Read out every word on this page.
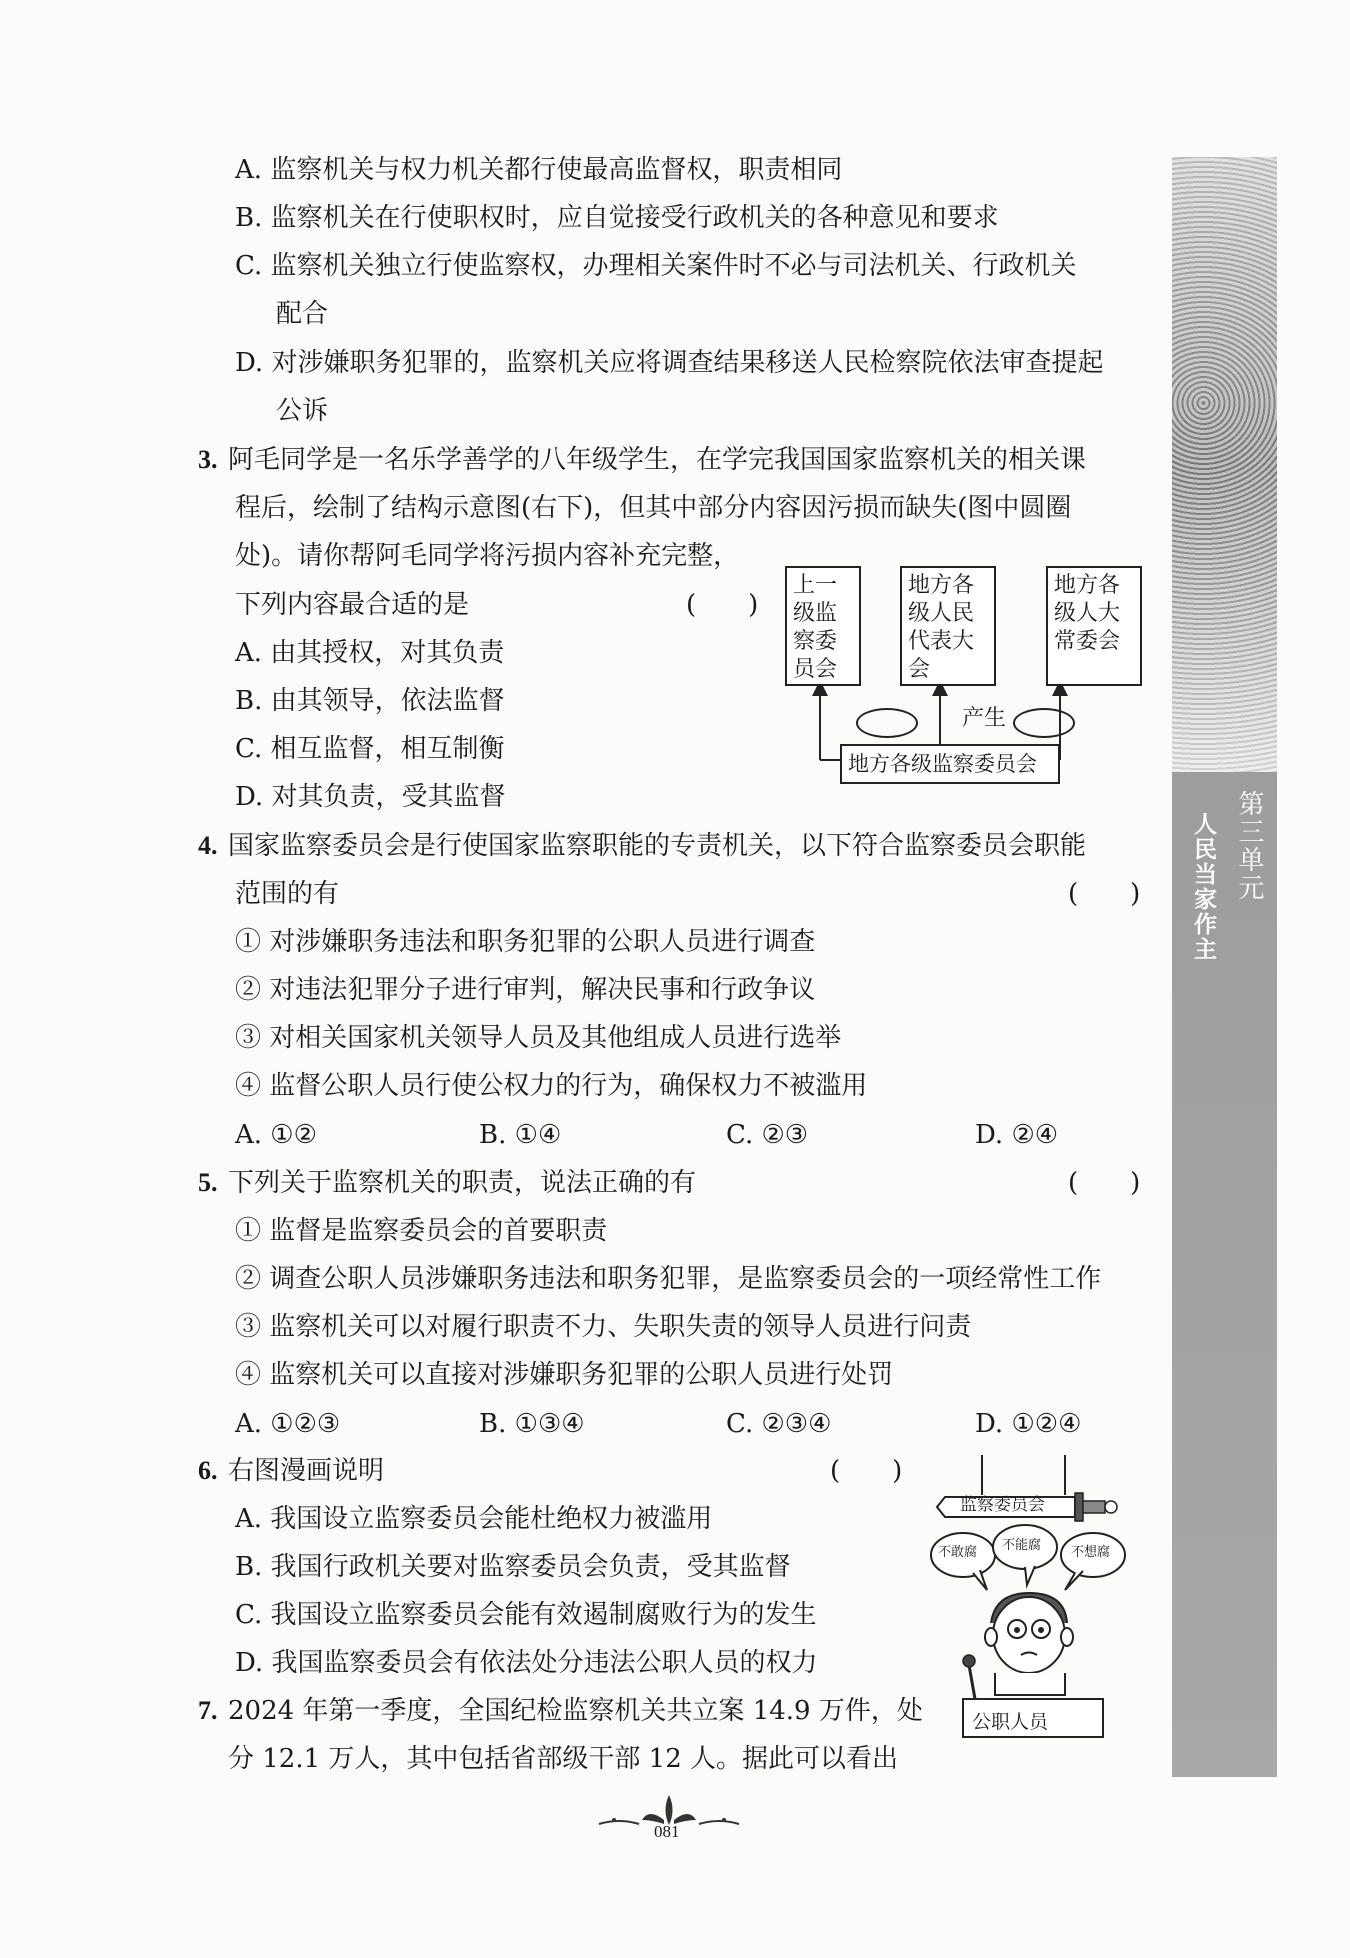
第三单元
人民当家作主
A. 监察机关与权力机关都行使最高监督权，职责相同
B. 监察机关在行使职权时，应自觉接受行政机关的各种意见和要求
C. 监察机关独立行使监察权，办理相关案件时不必与司法机关、行政机关
配合
D. 对涉嫌职务犯罪的，监察机关应将调查结果移送人民检察院依法审查提起
公诉
3. 阿毛同学是一名乐学善学的八年级学生，在学完我国国家监察机关的相关课
程后，绘制了结构示意图(右下)，但其中部分内容因污损而缺失(图中圆圈
处)。请你帮阿毛同学将污损内容补充完整，
下列内容最合适的是	(　　)
A. 由其授权，对其负责
B. 由其领导，依法监督
C. 相互监督，相互制衡
D. 对其负责，受其监督
上一
级监
察委
员会
地方各
级人民
代表大
会
地方各
级人大
常委会
产生
地方各级监察委员会
4. 国家监察委员会是行使国家监察职能的专责机关，以下符合监察委员会职能
范围的有	(　　)
① 对涉嫌职务违法和职务犯罪的公职人员进行调查
② 对违法犯罪分子进行审判，解决民事和行政争议
③ 对相关国家机关领导人员及其他组成人员进行选举
④ 监督公职人员行使公权力的行为，确保权力不被滥用
A. ①②	B. ①④	C. ②③	D. ②④
5. 下列关于监察机关的职责，说法正确的有	(　　)
① 监督是监察委员会的首要职责
② 调查公职人员涉嫌职务违法和职务犯罪，是监察委员会的一项经常性工作
③ 监察机关可以对履行职责不力、失职失责的领导人员进行问责
④ 监察机关可以直接对涉嫌职务犯罪的公职人员进行处罚
A. ①②③	B. ①③④	C. ②③④	D. ①②④
6. 右图漫画说明	(　　)
A. 我国设立监察委员会能杜绝权力被滥用
B. 我国行政机关要对监察委员会负责，受其监督
C. 我国设立监察委员会能有效遏制腐败行为的发生
D. 我国监察委员会有依法处分违法公职人员的权力
监察委员会
不敢腐 不能腐 不想腐
公职人员
7. 2024 年第一季度，全国纪检监察机关共立案 14.9 万件，处
分 12.1 万人，其中包括省部级干部 12 人。据此可以看出
081
